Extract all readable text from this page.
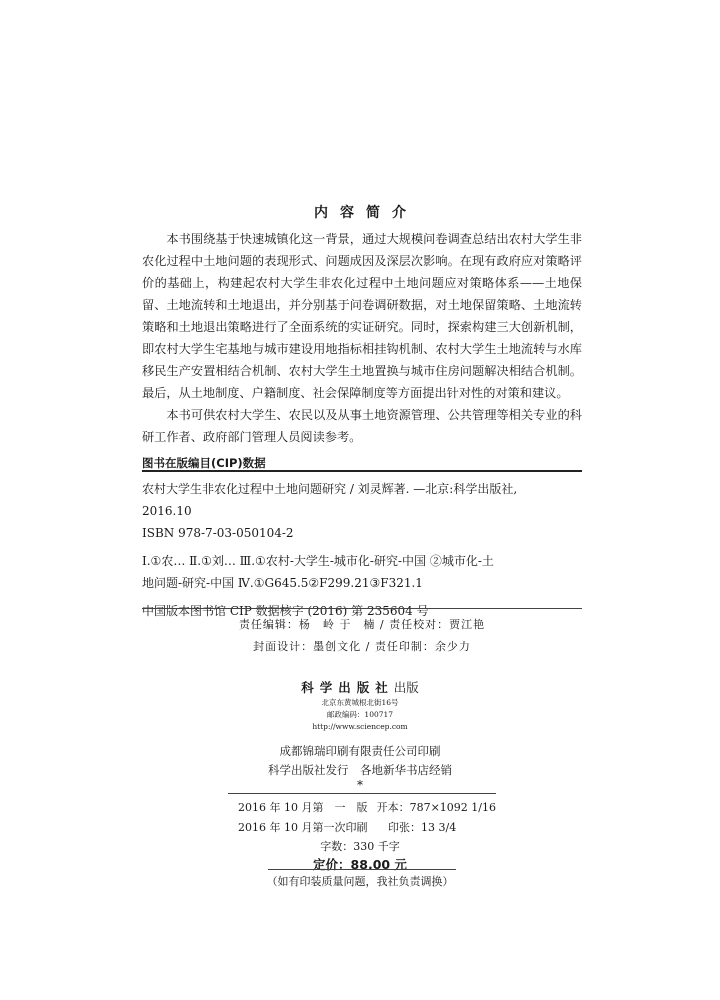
内容简介

本书围绕基于快速城镇化这一背景，通过大规模问卷调查总结出农村大学生非农化过程中土地问题的表现形式、问题成因及深层次影响。在现有政府应对策略评价的基础上，构建起农村大学生非农化过程中土地问题应对策略体系——土地保留、土地流转和土地退出，并分别基于问卷调研数据，对土地保留策略、土地流转策略和土地退出策略进行了全面系统的实证研究。同时，探索构建三大创新机制，即农村大学生宅基地与城市建设用地指标相挂钩机制、农村大学生土地流转与水库移民生产安置相结合机制、农村大学生土地置换与城市住房问题解决相结合机制。最后，从土地制度、户籍制度、社会保障制度等方面提出针对性的对策和建议。

本书可供农村大学生、农民以及从事土地资源管理、公共管理等相关专业的科研工作者、政府部门管理人员阅读参考。

图书在版编目(CIP)数据
农村大学生非农化过程中土地问题研究 / 刘灵辉著. —北京:科学出版社,
2016.10
ISBN 978-7-03-050104-2
Ⅰ.①农… Ⅱ.①刘… Ⅲ.①农村-大学生-城市化-研究-中国 ②城市化-土
地问题-研究-中国 Ⅳ.①G645.5②F299.21③F321.1
中国版本图书馆 CIP 数据核字 (2016) 第 235604 号
责任编辑：杨　岭 于　楠 / 责任校对：贾江艳
封面设计：墨创文化 / 责任印制：余少力
科学出版社出版
北京东黄城根北街16号
邮政编码：100717
http://www.sciencep.com
成都锦瑞印刷有限责任公司印刷
科学出版社发行　各地新华书店经销
*
2016 年 10 月第　一　版 开本：787×1092 1/16
2016 年 10 月第一次印刷	印张：13 3/4
字数：330 千字
定价：88.00 元
（如有印装质量问题，我社负责调换）
